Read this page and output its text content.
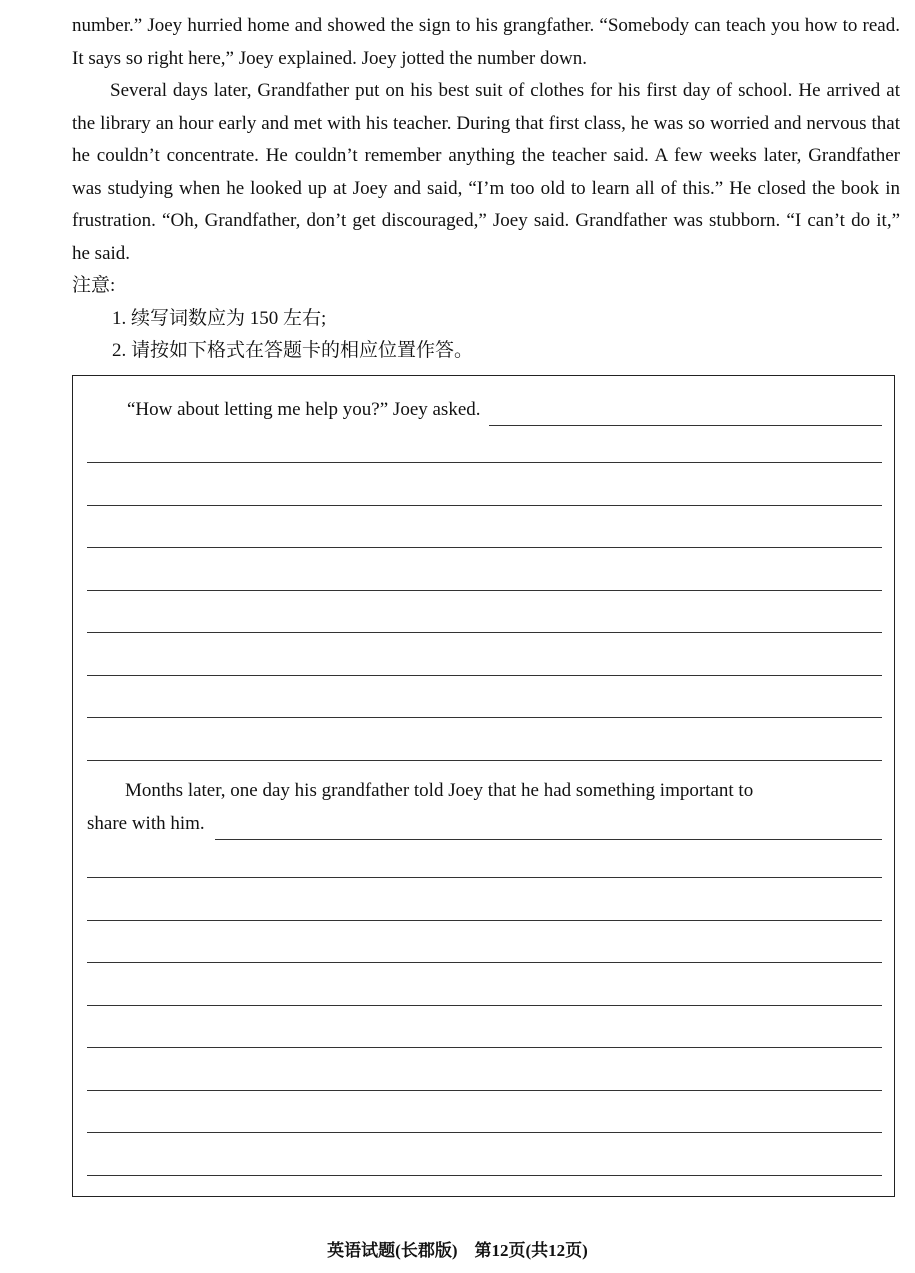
number.” Joey hurried home and showed the sign to his grangfather. “Somebody can teach you how to read. It says so right here,” Joey explained. Joey jotted the number down.

Several days later, Grandfather put on his best suit of clothes for his first day of school. He arrived at the library an hour early and met with his teacher. During that first class, he was so worried and nervous that he couldn’t concentrate. He couldn’t remember anything the teacher said. A few weeks later, Grandfather was studying when he looked up at Joey and said, “I’m too old to learn all of this.” He closed the book in frustration. “Oh, Grandfather, don’t get discouraged,” Joey said. Grandfather was stubborn. “I can’t do it,” he said.

注意:

1. 续写词数应为 150 左右;

2. 请按如下格式在答题卡的相应位置作答。

“How about letting me help you?” Joey asked.
Months later, one day his grandfather told Joey that he had something important to
share with him.
英语试题(长郡版)　第12页(共12页)
